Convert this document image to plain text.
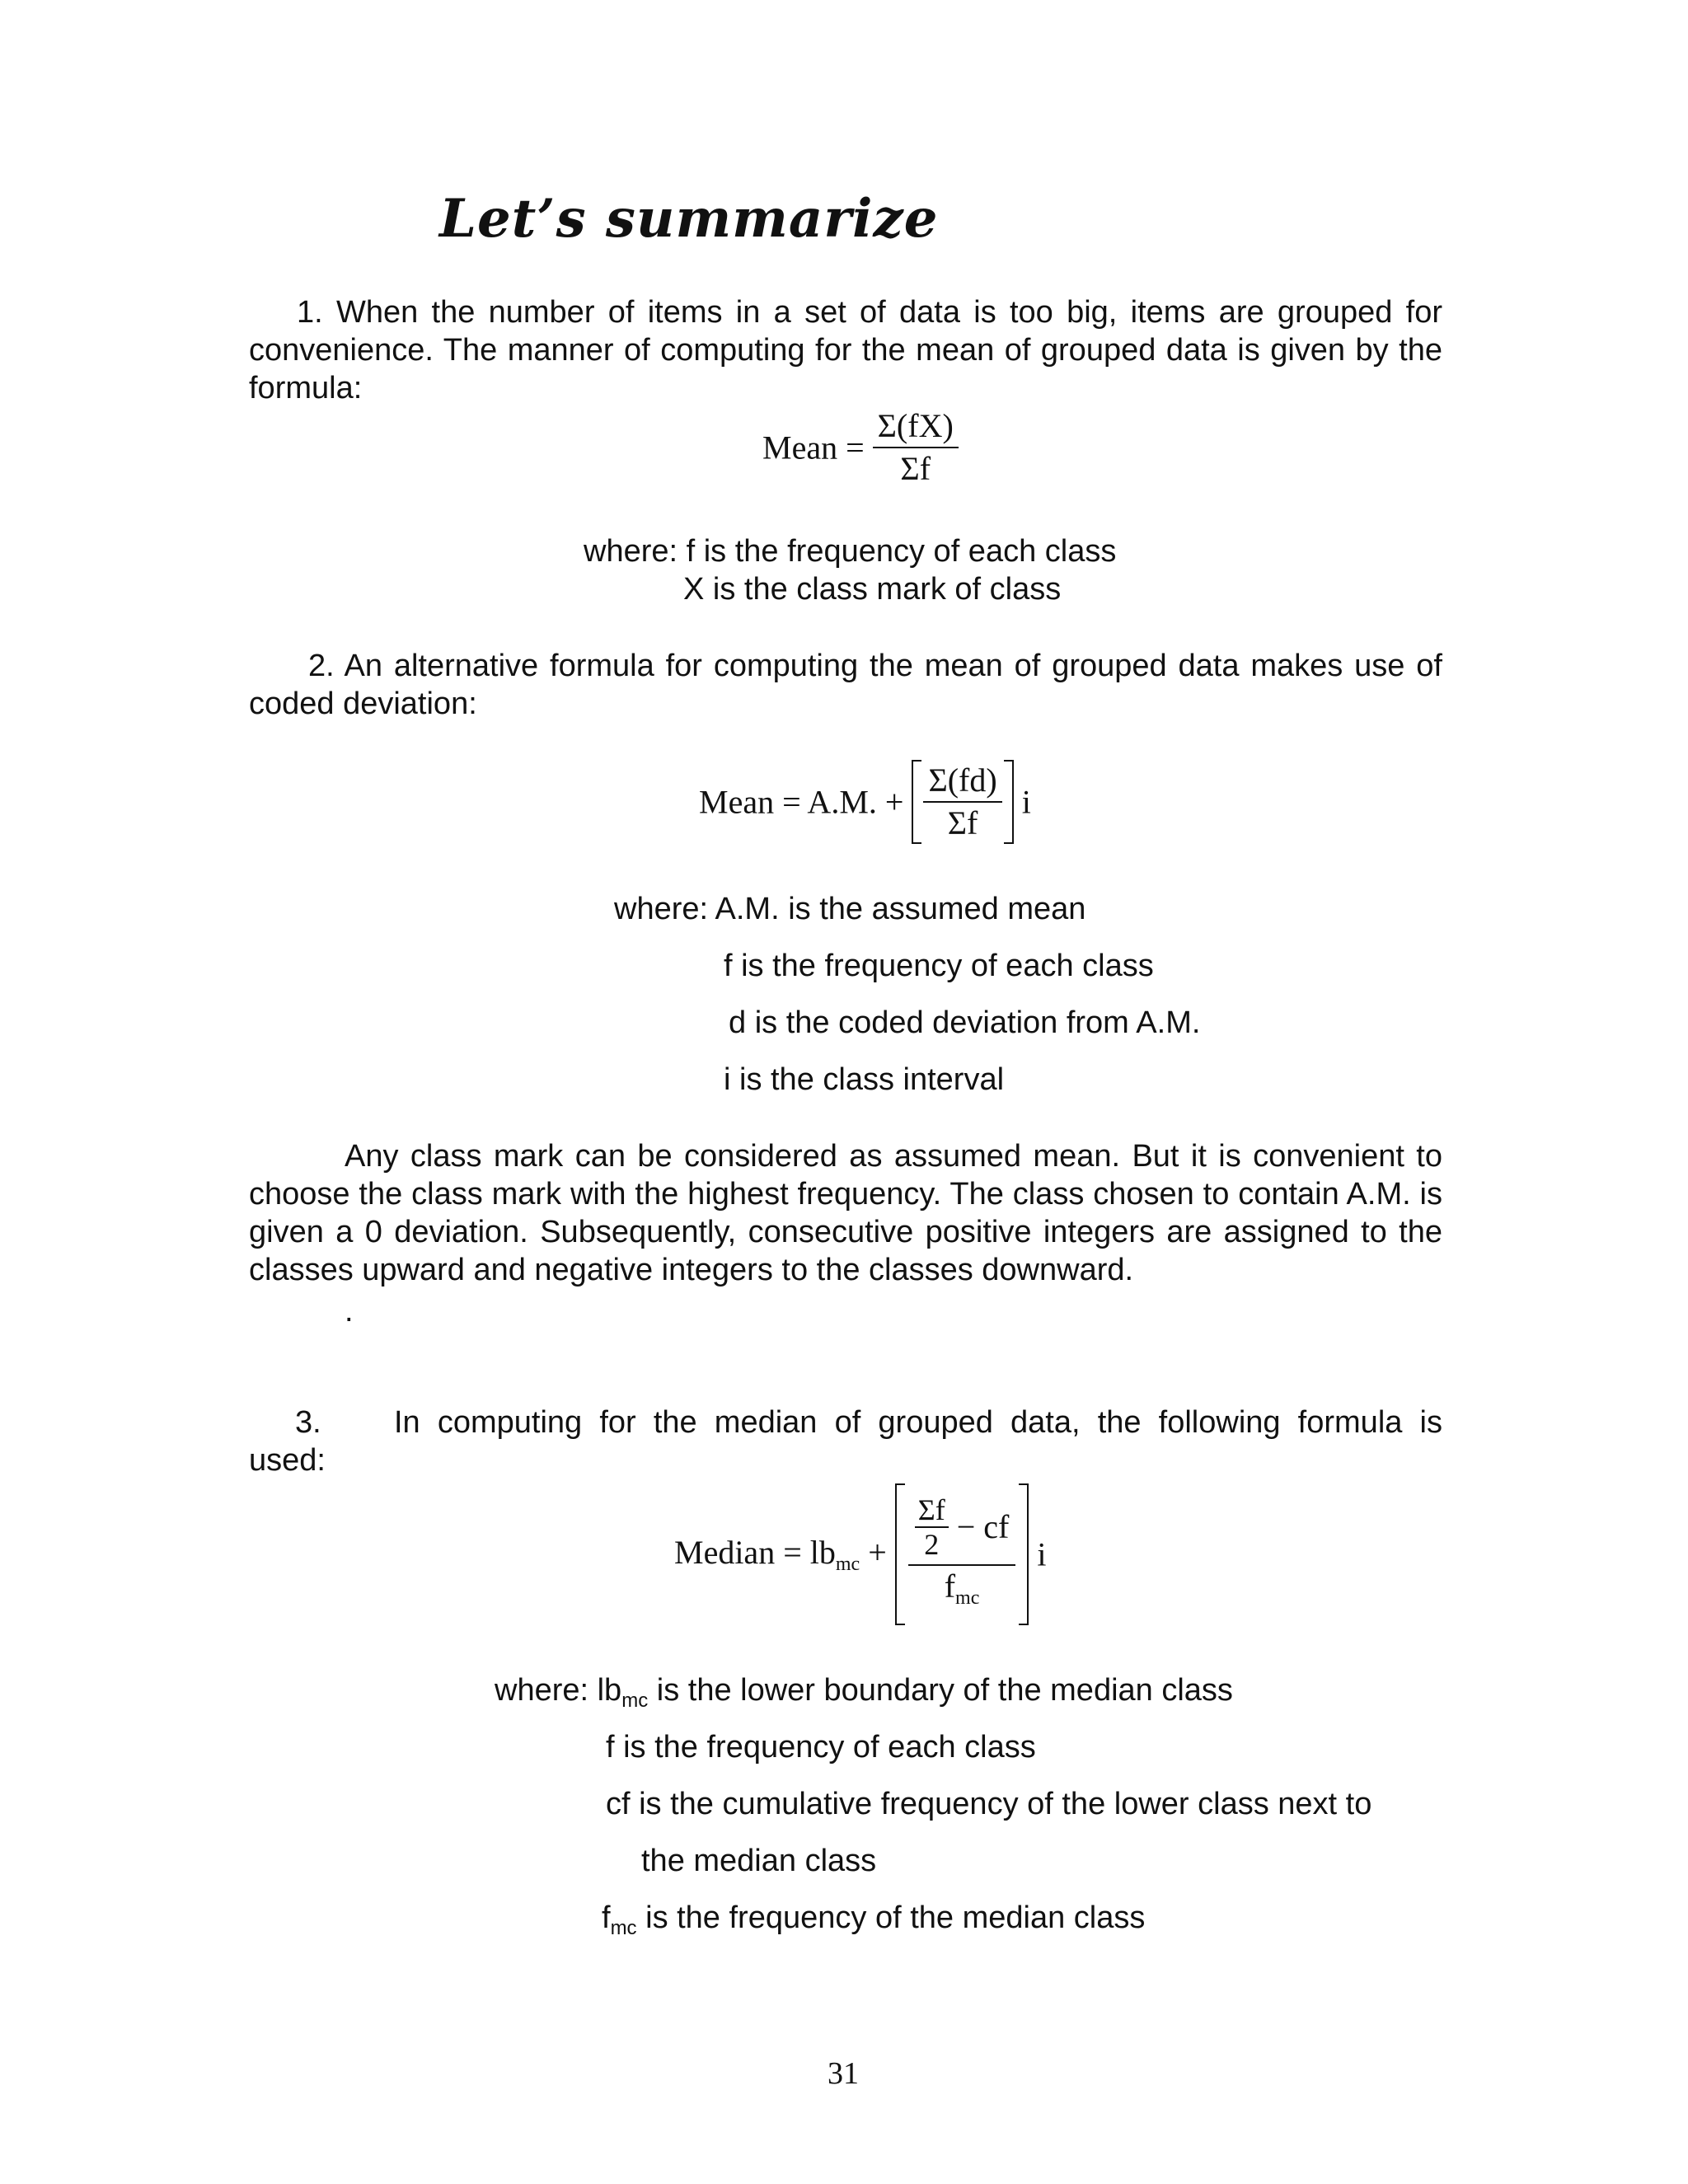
Let’s summarize
1. When the number of items in a set of data is too big, items are grouped for convenience. The manner of computing for the mean of grouped data is given by the formula:
Mean = $\frac{\Sigma(fX)}{\Sigma f}$
where: f is the frequency of each class
X is the class mark of class
2. An alternative formula for computing the mean of grouped data makes use of coded deviation:
Mean = A.M. + $\frac{\Sigma(fd)}{\Sigma f}$ i
where: A.M. is the assumed mean
f is the frequency of each class
d is the coded deviation from A.M.
i is the class interval
Any class mark can be considered as assumed mean. But it is convenient to choose the class mark with the highest frequency. The class chosen to contain A.M. is given a 0 deviation. Subsequently, consecutive positive integers are assigned to the classes upward and negative integers to the classes downward.
.
3. In computing for the median of grouped data, the following formula is
used:
Median = $lb_{mc} + \frac{\frac{\Sigma f}{2} - cf}{f_{mc}}$ i
where: $lb_{mc}$ is the lower boundary of the median class
f is the frequency of each class
cf is the cumulative frequency of the lower class next to
the median class
$f_{mc}$ is the frequency of the median class
31
